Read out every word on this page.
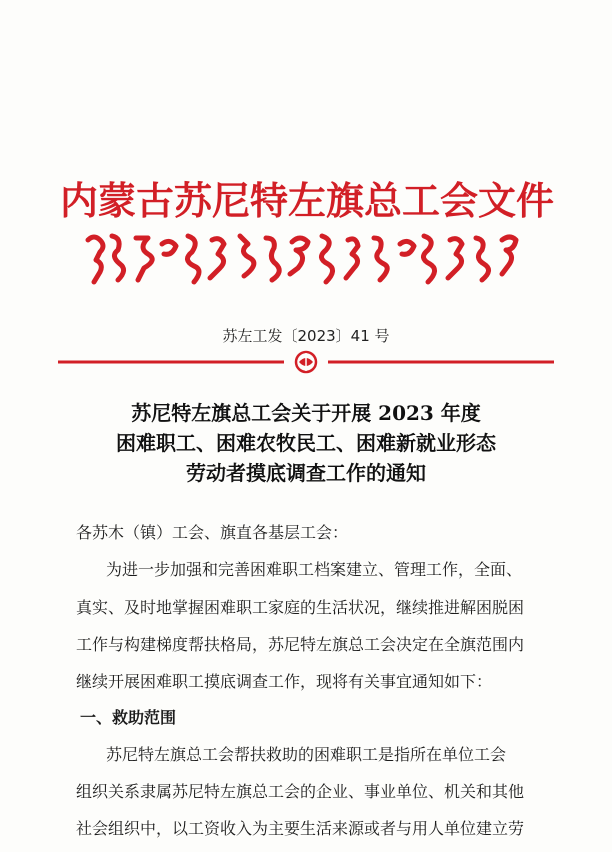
内蒙古苏尼特左旗总工会文件
苏左工发〔2023〕41 号
苏尼特左旗总工会关于开展 2023 年度
困难职工、困难农牧民工、困难新就业形态
劳动者摸底调查工作的通知
各苏木（镇）工会、旗直各基层工会：
为进一步加强和完善困难职工档案建立、管理工作，全面、
真实、及时地掌握困难职工家庭的生活状况，继续推进解困脱困
工作与构建梯度帮扶格局，苏尼特左旗总工会决定在全旗范围内
继续开展困难职工摸底调查工作，现将有关事宜通知如下：
一、救助范围
苏尼特左旗总工会帮扶救助的困难职工是指所在单位工会
组织关系隶属苏尼特左旗总工会的企业、事业单位、机关和其他
社会组织中，以工资收入为主要生活来源或者与用人单位建立劳
